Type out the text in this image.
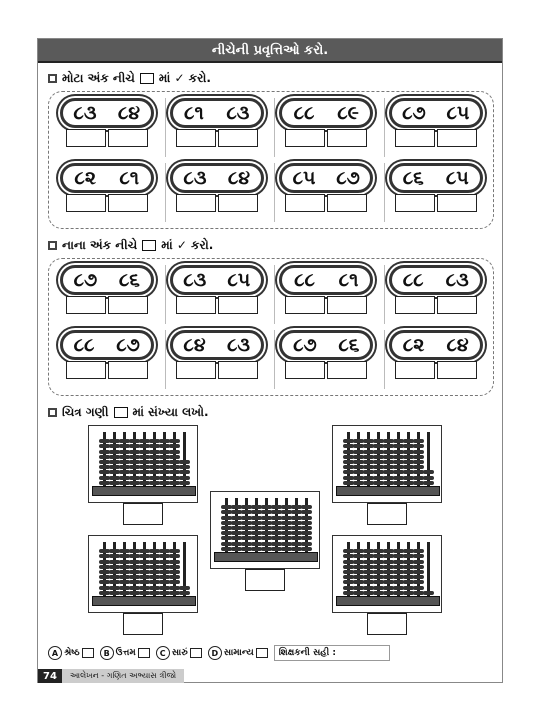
નીચેની પ્રવૃત્તિઓ કરો.
મોટા અંક નીચે માં ✓ કરો.
૮૩ ૮૪ ૮૧ ૮૩ ૮૮ ૮૯ ૮૭ ૮૫
૮૨ ૮૧ ૮૩ ૮૪ ૮૫ ૮૭ ૮૬ ૮૫
નાના અંક નીચે માં ✓ કરો.
૮૭ ૮૬ ૮૩ ૮૫ ૮૮ ૮૧ ૮૮ ૮૩
૮૮ ૮૭ ૮૪ ૮૩ ૮૭ ૮૬ ૮૨ ૮૪
ચિત્ર ગણી માં સંખ્યા લખો.
A શ્રેષ્ઠ	B ઉત્તમ	C સારું	D સામાન્ય	શિક્ષકની સહી :
74	આલેખન - ગણિત અભ્યાસ ત્રીજો
